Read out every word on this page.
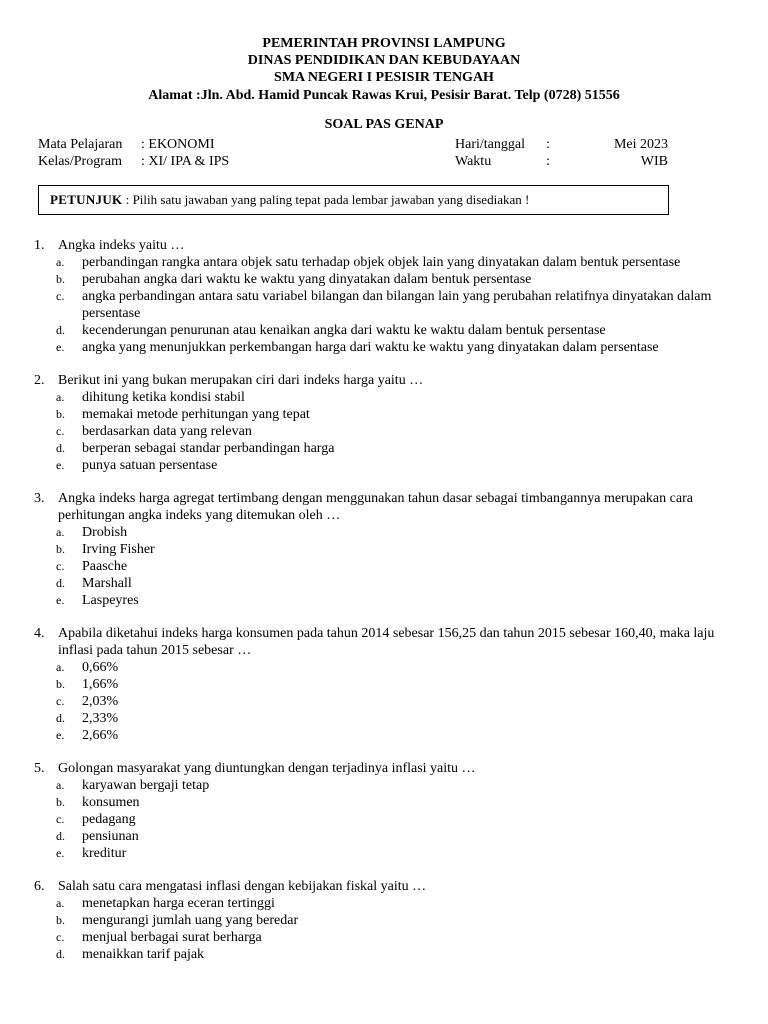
PEMERINTAH PROVINSI LAMPUNG
DINAS PENDIDIKAN DAN KEBUDAYAAN
SMA NEGERI I PESISIR TENGAH
Alamat :Jln. Abd. Hamid Puncak Rawas Krui, Pesisir Barat. Telp (0728) 51556
SOAL PAS GENAP
Mata Pelajaran : EKONOMI
Kelas/Program : XI/ IPA & IPS
Hari/tanggal :	Mei 2023
Waktu	:	WIB
PETUNJUK : Pilih satu jawaban yang paling tepat pada lembar jawaban yang disediakan !
1. Angka indeks yaitu …
a.	perbandingan rangka antara objek satu terhadap objek objek lain yang dinyatakan dalam bentuk persentase
b.	perubahan angka dari waktu ke waktu yang dinyatakan dalam bentuk persentase
c.	angka perbandingan antara satu variabel bilangan dan bilangan lain yang perubahan relatifnya dinyatakan dalam persentase
d.	kecenderungan penurunan atau kenaikan angka dari waktu ke waktu dalam bentuk persentase
e.	angka yang menunjukkan perkembangan harga dari waktu ke waktu yang dinyatakan dalam persentase
2. Berikut ini yang bukan merupakan ciri dari indeks harga yaitu …
a.	dihitung ketika kondisi stabil
b.	memakai metode perhitungan yang tepat
c.	berdasarkan data yang relevan
d.	berperan sebagai standar perbandingan harga
e.	punya satuan persentase
3. Angka indeks harga agregat tertimbang dengan menggunakan tahun dasar sebagai timbangannya merupakan cara perhitungan angka indeks yang ditemukan oleh …
a.	Drobish
b.	Irving Fisher
c.	Paasche
d.	Marshall
e.	Laspeyres
4. Apabila diketahui indeks harga konsumen pada tahun 2014 sebesar 156,25 dan tahun 2015 sebesar 160,40, maka laju inflasi pada tahun 2015 sebesar …
a.	0,66%
b.	1,66%
c.	2,03%
d.	2,33%
e.	2,66%
5. Golongan masyarakat yang diuntungkan dengan terjadinya inflasi yaitu …
a.	karyawan bergaji tetap
b.	konsumen
c.	pedagang
d.	pensiunan
e.	kreditur
6. Salah satu cara mengatasi inflasi dengan kebijakan fiskal yaitu …
a.	menetapkan harga eceran tertinggi
b.	mengurangi jumlah uang yang beredar
c.	menjual berbagai surat berharga
d.	menaikkan tarif pajak
